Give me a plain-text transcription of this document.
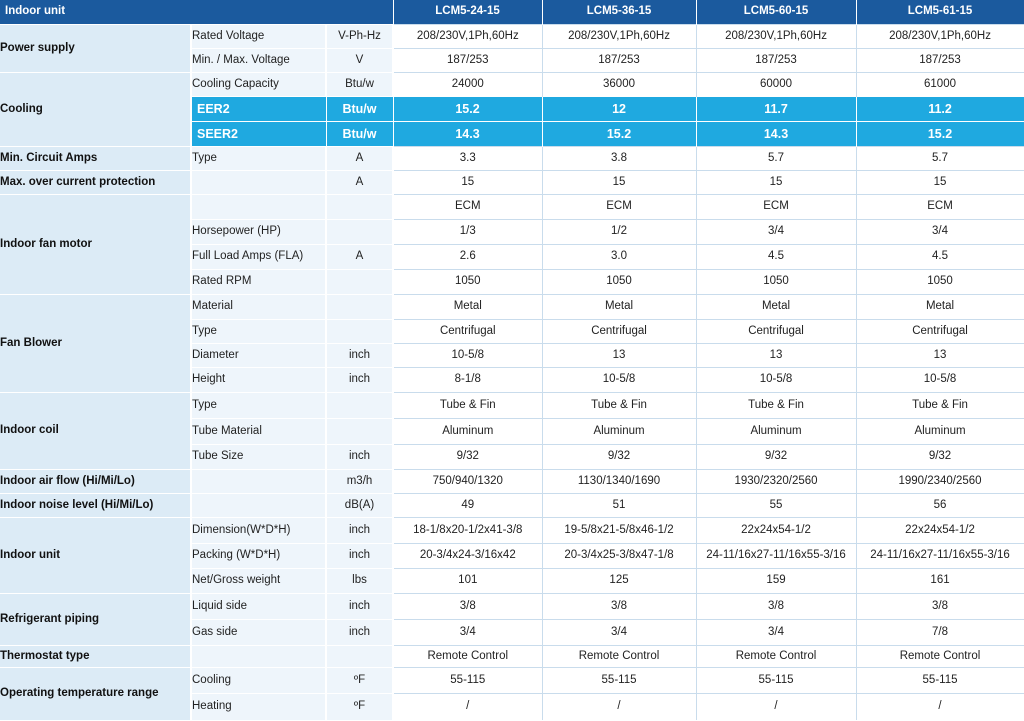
Indoor unit			LCM5-24-15	LCM5-36-15	LCM5-60-15	LCM5-61-15
Power supply	Rated Voltage	V-Ph-Hz	208/230V,1Ph,60Hz	208/230V,1Ph,60Hz	208/230V,1Ph,60Hz	208/230V,1Ph,60Hz
	Min. / Max. Voltage	V	187/253	187/253	187/253	187/253
Cooling	Cooling Capacity	Btu/w	24000	36000	60000	61000
	EER2	Btu/w	15.2	12	11.7	11.2
	SEER2	Btu/w	14.3	15.2	14.3	15.2
Min. Circuit Amps	Type	A	3.3	3.8	5.7	5.7
Max. over current protection		A	15	15	15	15
Indoor fan motor			ECM	ECM	ECM	ECM
	Horsepower (HP)		1/3	1/2	3/4	3/4
	Full Load Amps (FLA)	A	2.6	3.0	4.5	4.5
	Rated RPM		1050	1050	1050	1050
Fan Blower	Material		Metal	Metal	Metal	Metal
	Type		Centrifugal	Centrifugal	Centrifugal	Centrifugal
	Diameter	inch	10-5/8	13	13	13
	Height	inch	8-1/8	10-5/8	10-5/8	10-5/8
Indoor coil	Type		Tube & Fin	Tube & Fin	Tube & Fin	Tube & Fin
	Tube Material		Aluminum	Aluminum	Aluminum	Aluminum
	Tube Size	inch	9/32	9/32	9/32	9/32
Indoor air flow (Hi/Mi/Lo)		m3/h	750/940/1320	1130/1340/1690	1930/2320/2560	1990/2340/2560
Indoor noise level (Hi/Mi/Lo)		dB(A)	49	51	55	56
Indoor unit	Dimension(W*D*H)	inch	18-1/8x20-1/2x41-3/8	19-5/8x21-5/8x46-1/2	22x24x54-1/2	22x24x54-1/2
	Packing (W*D*H)	inch	20-3/4x24-3/16x42	20-3/4x25-3/8x47-1/8	24-11/16x27-11/16x55-3/16	24-11/16x27-11/16x55-3/16
	Net/Gross weight	lbs	101	125	159	161
Refrigerant piping	Liquid side	inch	3/8	3/8	3/8	3/8
	Gas side	inch	3/4	3/4	3/4	7/8
Thermostat type			Remote Control	Remote Control	Remote Control	Remote Control
Operating temperature range	Cooling	ºF	55-115	55-115	55-115	55-115
	Heating	ºF	/	/	/	/
